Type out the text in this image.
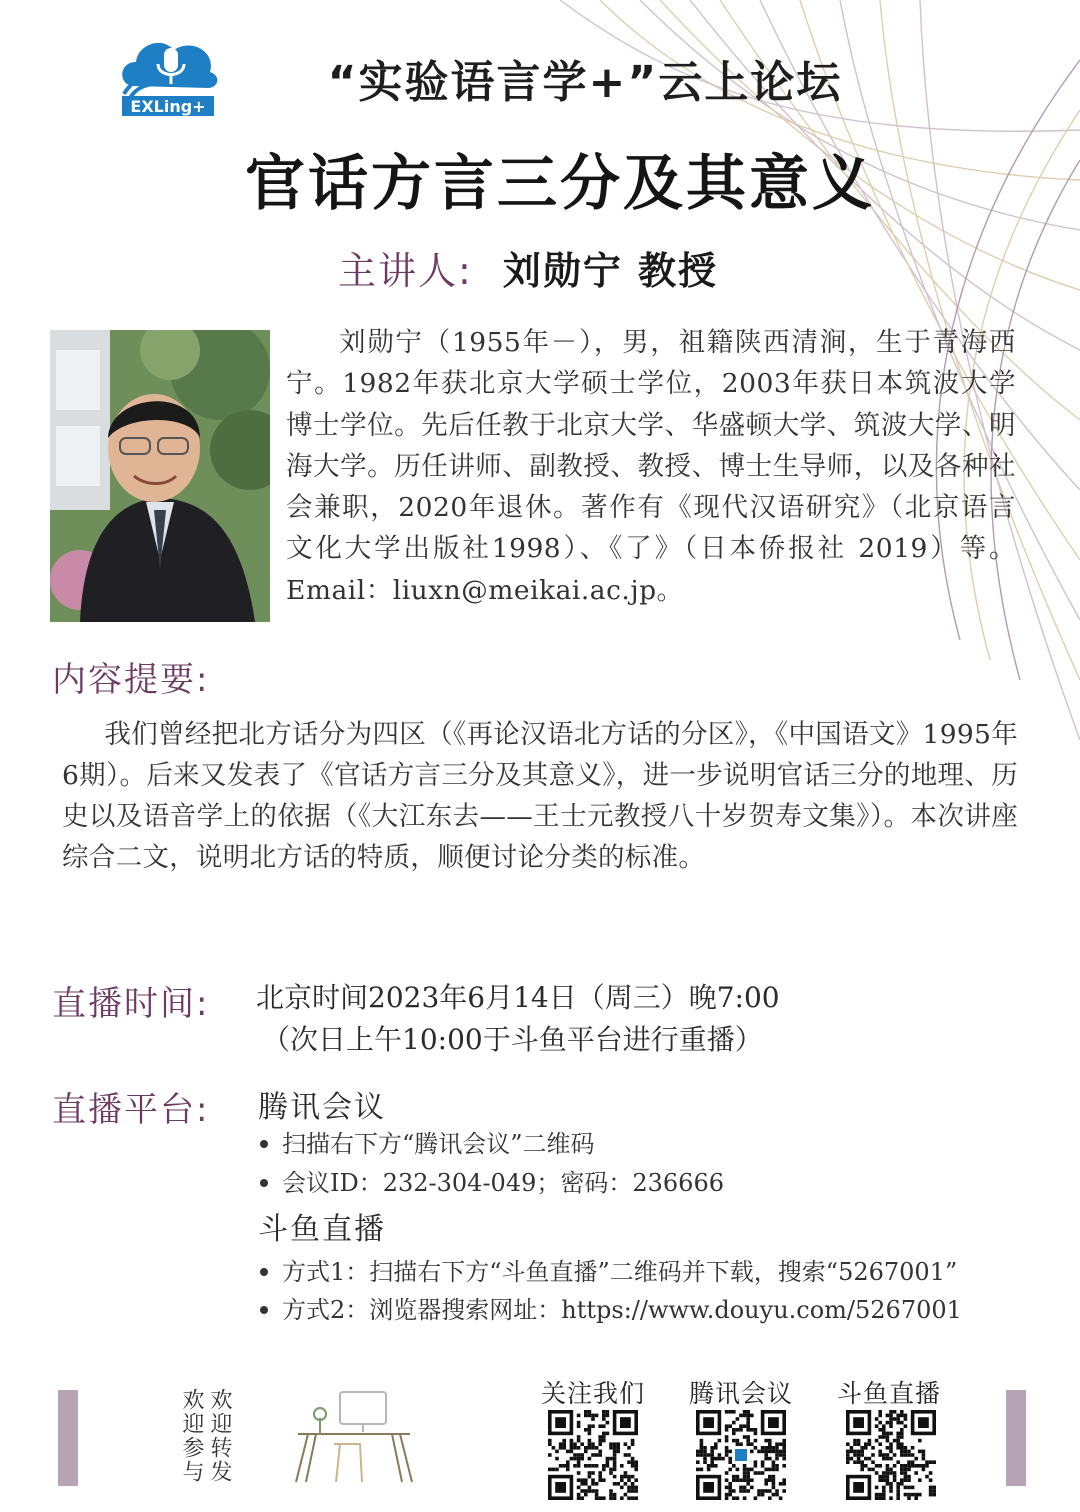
EXLing+	“实验语言学+”云上论坛
官话方言三分及其意义
主讲人: 刘勋宁 教授
刘勋宁（1955年－），男，祖籍陕西清涧，生于青海西宁。1982年获北京大学硕士学位，2003年获日本筑波大学博士学位。先后任教于北京大学、华盛顿大学、筑波大学、明海大学。历任讲师、副教授、教授、博士生导师，以及各种社会兼职，2020年退休。著作有《现代汉语研究》（北京语言文化大学出版社1998）、《了》（日本侨报社 2019）等。Email：liuxn@meikai.ac.jp。
内容提要:
我们曾经把北方话分为四区（《再论汉语北方话的分区》，《中国语文》1995年6期）。后来又发表了《官话方言三分及其意义》，进一步说明官话三分的地理、历史以及语音学上的依据（《大江东去——王士元教授八十岁贺寿文集》）。本次讲座综合二文，说明北方话的特质，顺便讨论分类的标准。
直播时间: 北京时间2023年6月14日（周三）晚7:00
（次日上午10:00于斗鱼平台进行重播）
直播平台: 腾讯会议
扫描右下方“腾讯会议”二维码
会议ID：232-304-049；密码：236666
斗鱼直播
方式1：扫描右下方“斗鱼直播”二维码并下载，搜索“5267001”
方式2：浏览器搜索网址：https://www.douyu.com/5267001
欢迎转发
欢迎参与	关注我们	腾讯会议	斗鱼直播
